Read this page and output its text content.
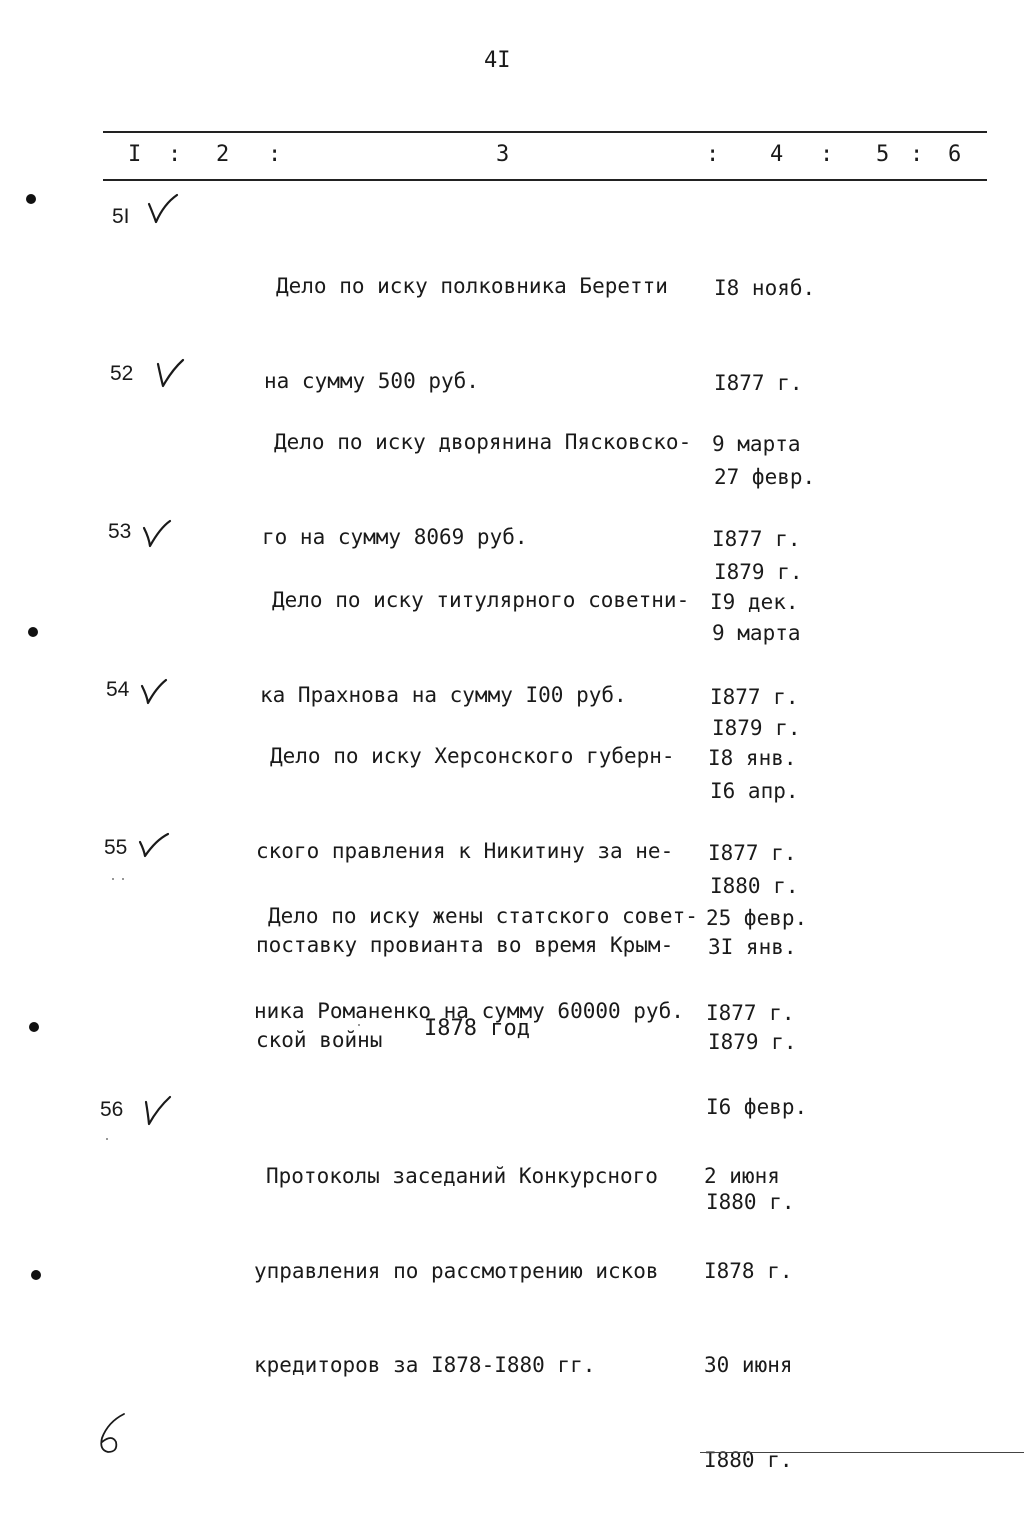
4I
I : 2 :	3	: 4 : 5 : 6
5I

Дело по иску полковника Беретти

на сумму 500 руб.

I8 нояб.

I877 г.

27 февр.

I879 г.

52

Дело по иску дворянина Пясковско-

го на сумму 8069 руб.

9 марта

I877 г.

9 марта

I879 г.

53

Дело по иску титулярного советни-

ка Прахнова на сумму I00 руб.

I9 дек.

I877 г.

I6 апр.

I880 г.

54

Дело по иску Херсонского губерн-

ского правления к Никитину за не-

поставку провианта во время Крым-

ской войны

I8 янв.

I877 г.

3I янв.

I879 г.

55

Дело по иску жены статского совет-

ника Романенко на сумму 60000 руб.

25 февр.

I877 г.

I6 февр.

I880 г.

I878 год
56

Протоколы заседаний Конкурсного

управления по рассмотрению исков

кредиторов за I878-I880 гг.

2 июня

I878 г.

30 июня

I880 г.
